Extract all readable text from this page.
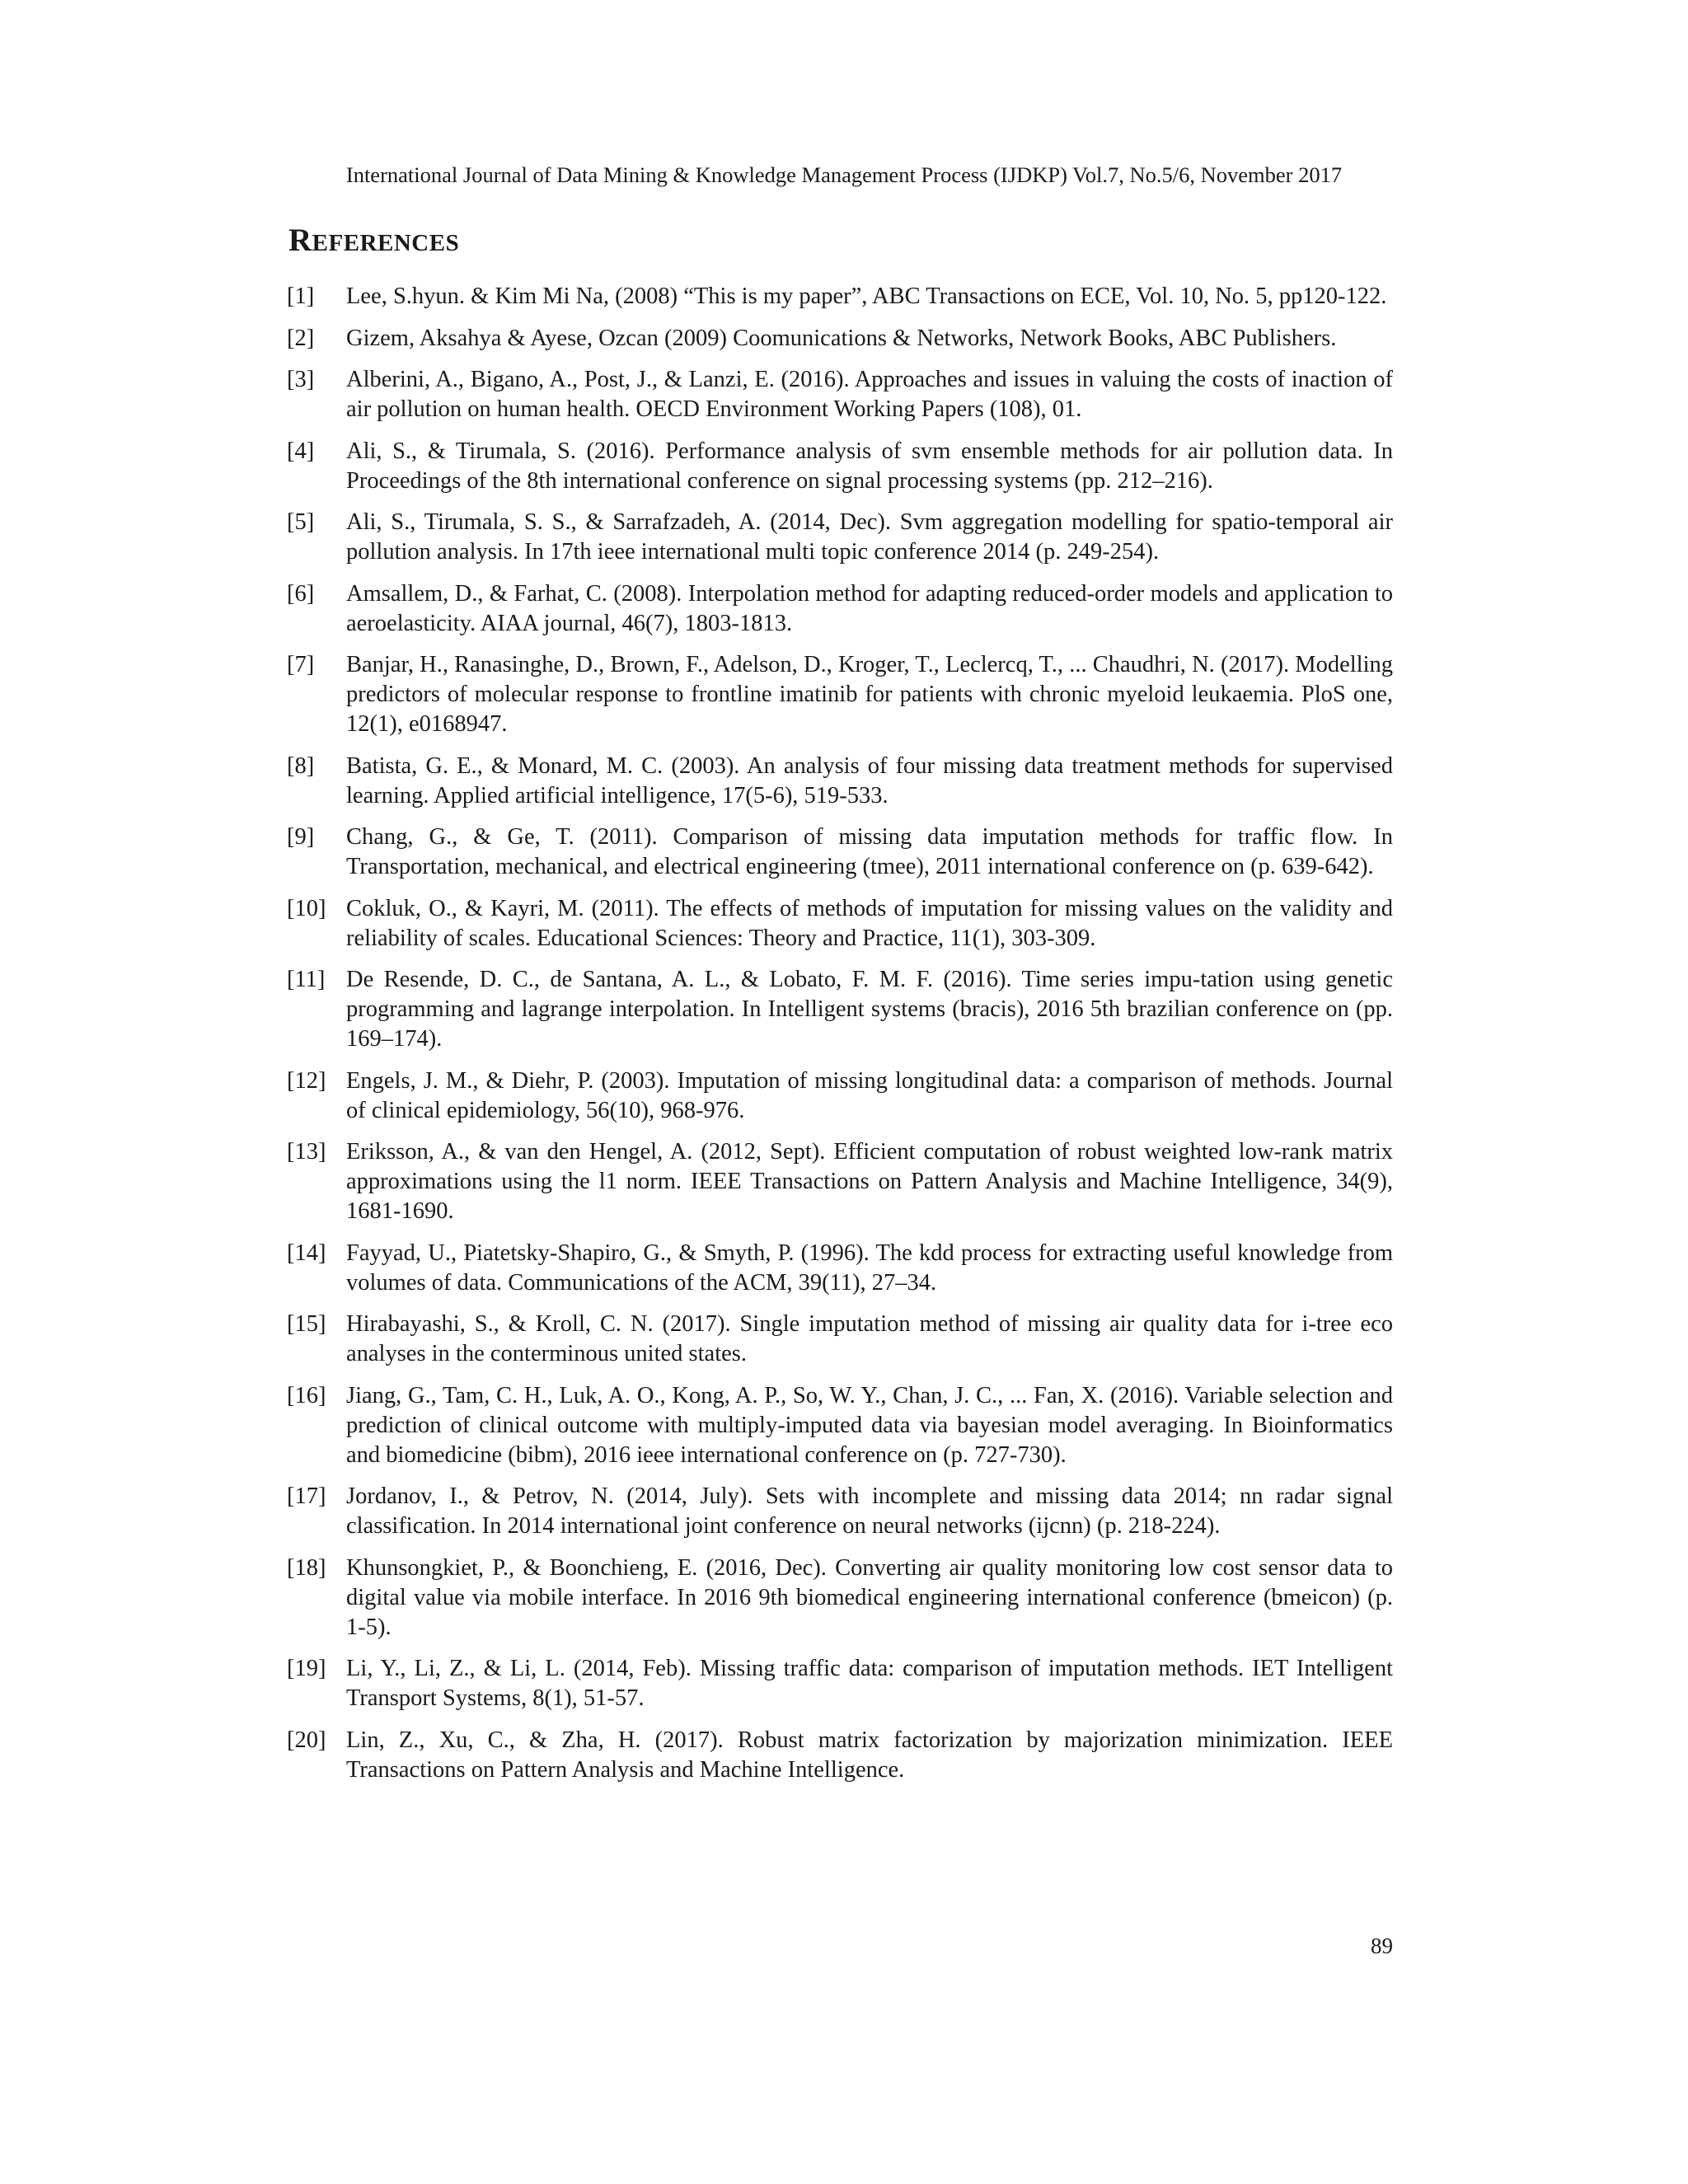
International Journal of Data Mining & Knowledge Management Process (IJDKP) Vol.7, No.5/6, November 2017
REFERENCES
[1] Lee, S.hyun. & Kim Mi Na, (2008) “This is my paper”, ABC Transactions on ECE, Vol. 10, No. 5, pp120-122.
[2] Gizem, Aksahya & Ayese, Ozcan (2009) Coomunications & Networks, Network Books, ABC Publishers.
[3] Alberini, A., Bigano, A., Post, J., & Lanzi, E. (2016). Approaches and issues in valuing the costs of inaction of air pollution on human health. OECD Environment Working Papers (108), 01.
[4] Ali, S., & Tirumala, S. (2016). Performance analysis of svm ensemble methods for air pollution data. In Proceedings of the 8th international conference on signal processing systems (pp. 212–216).
[5] Ali, S., Tirumala, S. S., & Sarrafzadeh, A. (2014, Dec). Svm aggregation modelling for spatio-temporal air pollution analysis. In 17th ieee international multi topic conference 2014 (p. 249-254).
[6] Amsallem, D., & Farhat, C. (2008). Interpolation method for adapting reduced-order models and application to aeroelasticity. AIAA journal, 46(7), 1803-1813.
[7] Banjar, H., Ranasinghe, D., Brown, F., Adelson, D., Kroger, T., Leclercq, T., ... Chaudhri, N. (2017). Modelling predictors of molecular response to frontline imatinib for patients with chronic myeloid leukaemia. PloS one, 12(1), e0168947.
[8] Batista, G. E., & Monard, M. C. (2003). An analysis of four missing data treatment methods for supervised learning. Applied artificial intelligence, 17(5-6), 519-533.
[9] Chang, G., & Ge, T. (2011). Comparison of missing data imputation methods for traffic flow. In Transportation, mechanical, and electrical engineering (tmee), 2011 international conference on (p. 639-642).
[10] Cokluk, O., & Kayri, M. (2011). The effects of methods of imputation for missing values on the validity and reliability of scales. Educational Sciences: Theory and Practice, 11(1), 303-309.
[11] De Resende, D. C., de Santana, A. L., & Lobato, F. M. F. (2016). Time series impu-tation using genetic programming and lagrange interpolation. In Intelligent systems (bracis), 2016 5th brazilian conference on (pp. 169–174).
[12] Engels, J. M., & Diehr, P. (2003). Imputation of missing longitudinal data: a comparison of methods. Journal of clinical epidemiology, 56(10), 968-976.
[13] Eriksson, A., & van den Hengel, A. (2012, Sept). Efficient computation of robust weighted low-rank matrix approximations using the l1 norm. IEEE Transactions on Pattern Analysis and Machine Intelligence, 34(9), 1681-1690.
[14] Fayyad, U., Piatetsky-Shapiro, G., & Smyth, P. (1996). The kdd process for extracting useful knowledge from volumes of data. Communications of the ACM, 39(11), 27–34.
[15] Hirabayashi, S., & Kroll, C. N. (2017). Single imputation method of missing air quality data for i-tree eco analyses in the conterminous united states.
[16] Jiang, G., Tam, C. H., Luk, A. O., Kong, A. P., So, W. Y., Chan, J. C., ... Fan, X. (2016). Variable selection and prediction of clinical outcome with multiply-imputed data via bayesian model averaging. In Bioinformatics and biomedicine (bibm), 2016 ieee international conference on (p. 727-730).
[17] Jordanov, I., & Petrov, N. (2014, July). Sets with incomplete and missing data 2014; nn radar signal classification. In 2014 international joint conference on neural networks (ijcnn) (p. 218-224).
[18] Khunsongkiet, P., & Boonchieng, E. (2016, Dec). Converting air quality monitoring low cost sensor data to digital value via mobile interface. In 2016 9th biomedical engineering international conference (bmeicon) (p. 1-5).
[19] Li, Y., Li, Z., & Li, L. (2014, Feb). Missing traffic data: comparison of imputation methods. IET Intelligent Transport Systems, 8(1), 51-57.
[20] Lin, Z., Xu, C., & Zha, H. (2017). Robust matrix factorization by majorization minimization. IEEE Transactions on Pattern Analysis and Machine Intelligence.
89
